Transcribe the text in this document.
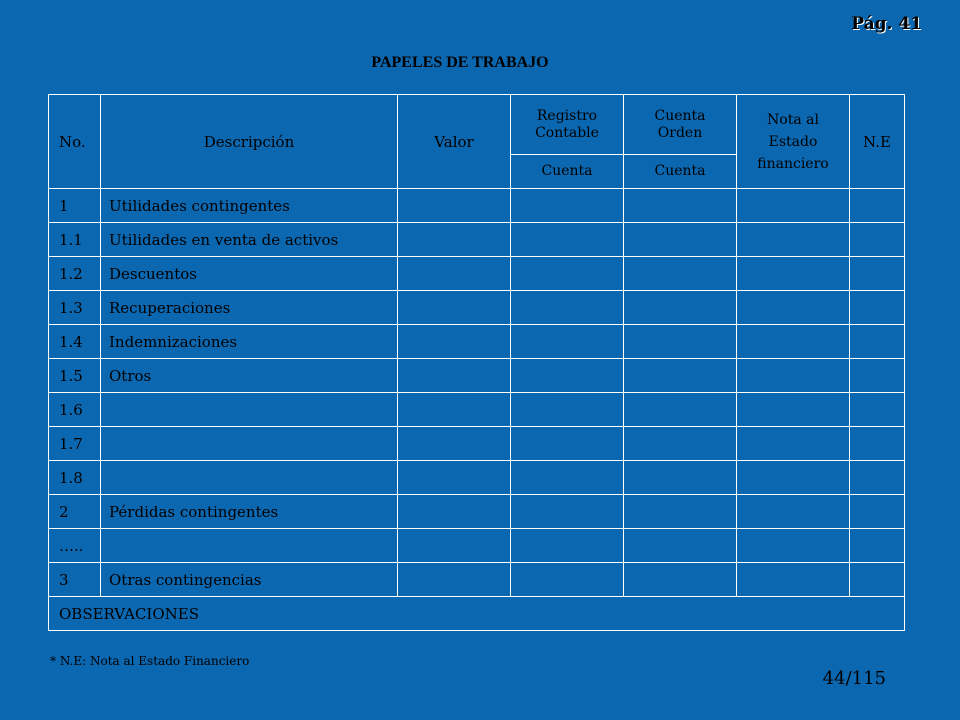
Pág. 41
PAPELES DE TRABAJO
No.	Descripción	Valor	Registro Contable	Cuenta Orden	Nota al Estado financiero	N.E
			Cuenta	Cuenta		
1	Utilidades contingentes					
1.1	Utilidades en venta de activos					
1.2	Descuentos					
1.3	Recuperaciones					
1.4	Indemnizaciones					
1.5	Otros					
1.6						
1.7						
1.8						
2	Pérdidas contingentes					
…..						
3	Otras contingencias					
OBSERVACIONES						
* N.E: Nota al Estado Financiero
44/115
